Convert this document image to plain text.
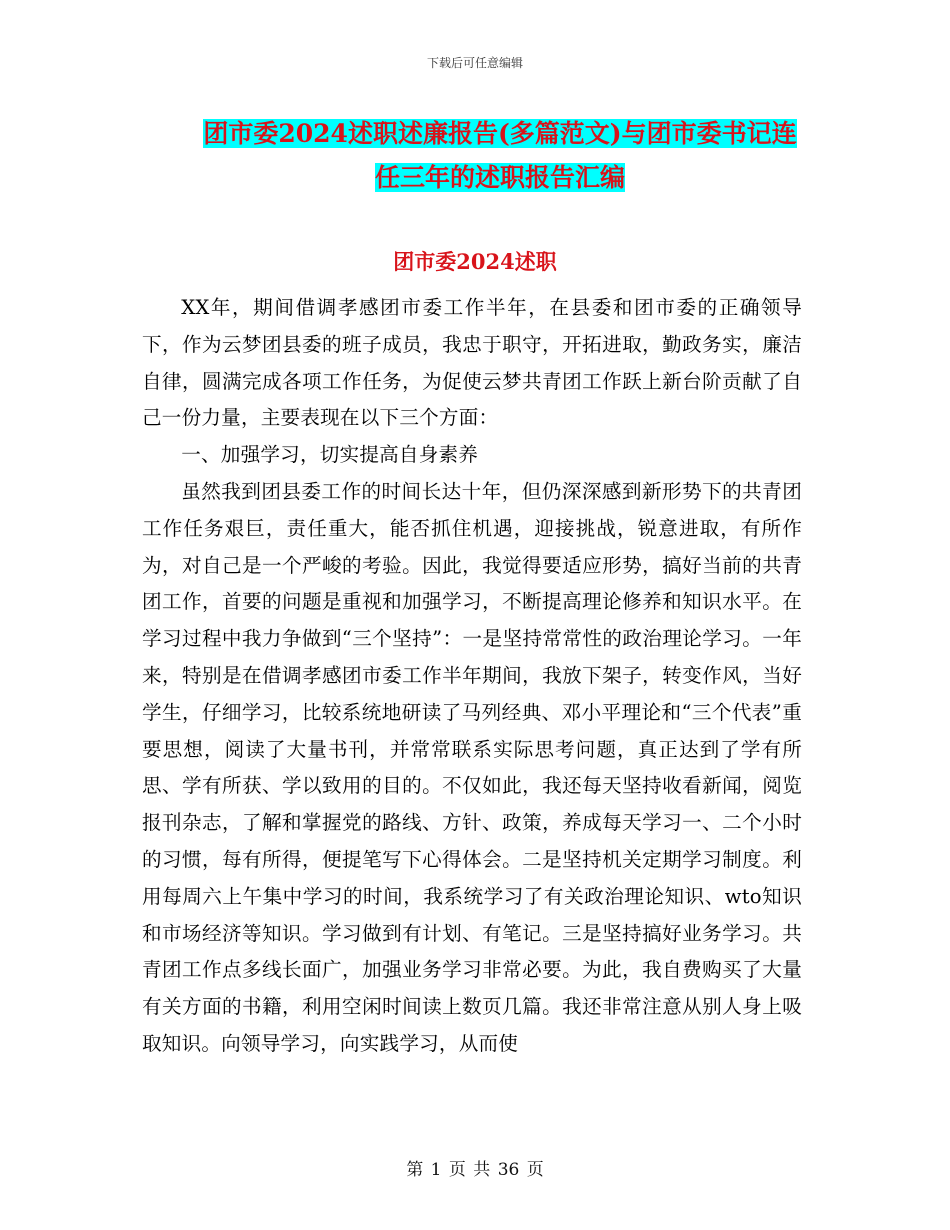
下载后可任意编辑
团市委2024述职述廉报告(多篇范文)与团市委书记连
任三年的述职报告汇编
团市委2024述职

XX年，期间借调孝感团市委工作半年，在县委和团市委的正确领导下，作为云梦团县委的班子成员，我忠于职守，开拓进取，勤政务实，廉洁自律，圆满完成各项工作任务，为促使云梦共青团工作跃上新台阶贡献了自己一份力量，主要表现在以下三个方面：

一、加强学习，切实提高自身素养

虽然我到团县委工作的时间长达十年，但仍深深感到新形势下的共青团工作任务艰巨，责任重大，能否抓住机遇，迎接挑战，锐意进取，有所作为，对自己是一个严峻的考验。因此，我觉得要适应形势，搞好当前的共青团工作，首要的问题是重视和加强学习，不断提高理论修养和知识水平。在学习过程中我力争做到“三个坚持”：一是坚持常常性的政治理论学习。一年来，特别是在借调孝感团市委工作半年期间，我放下架子，转变作风，当好学生，仔细学习，比较系统地研读了马列经典、邓小平理论和“三个代表”重要思想，阅读了大量书刊，并常常联系实际思考问题，真正达到了学有所思、学有所获、学以致用的目的。不仅如此，我还每天坚持收看新闻，阅览报刊杂志，了解和掌握党的路线、方针、政策，养成每天学习一、二个小时的习惯，每有所得，便提笔写下心得体会。二是坚持机关定期学习制度。利用每周六上午集中学习的时间，我系统学习了有关政治理论知识、wto知识和市场经济等知识。学习做到有计划、有笔记。三是坚持搞好业务学习。共青团工作点多线长面广，加强业务学习非常必要。为此，我自费购买了大量有关方面的书籍，利用空闲时间读上数页几篇。我还非常注意从别人身上吸取知识。向领导学习，向实践学习，从而使

第 1 页 共 36 页
